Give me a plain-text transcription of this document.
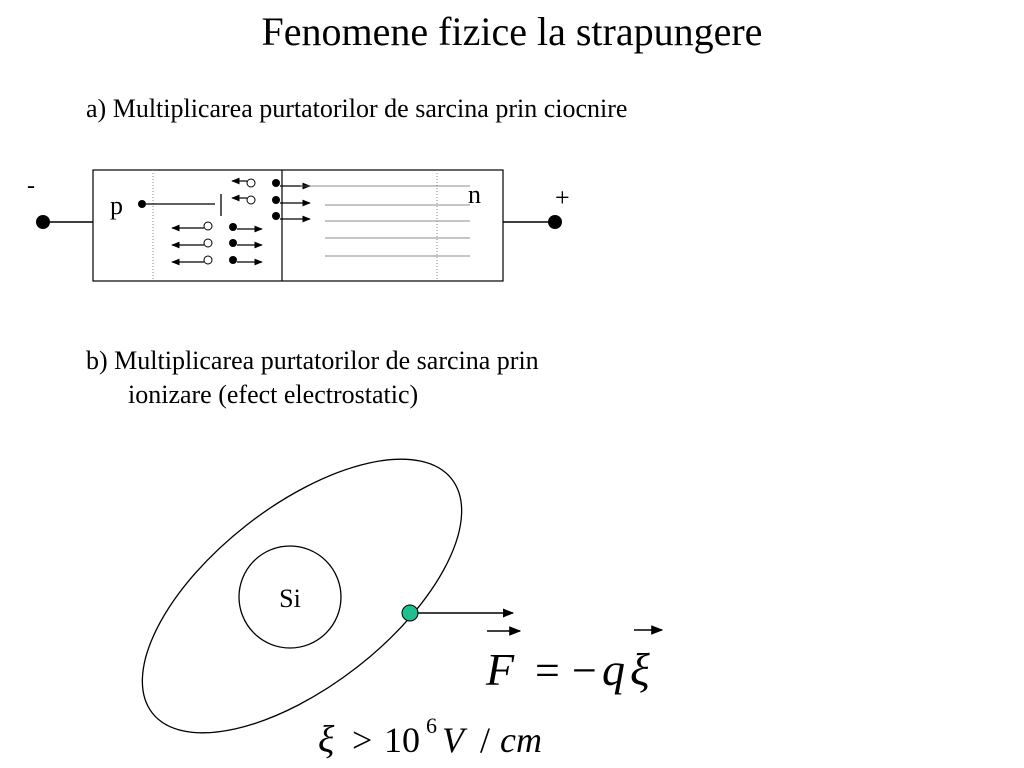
Fenomene fizice la strapungere
a) Multiplicarea purtatorilor de sarcina prin ciocnire
-	+
p	n
b) Multiplicarea purtatorilor de sarcina prin
ionizare (efect electrostatic)
Si
F = − q ξ
ξ > 10 6 V / cm
